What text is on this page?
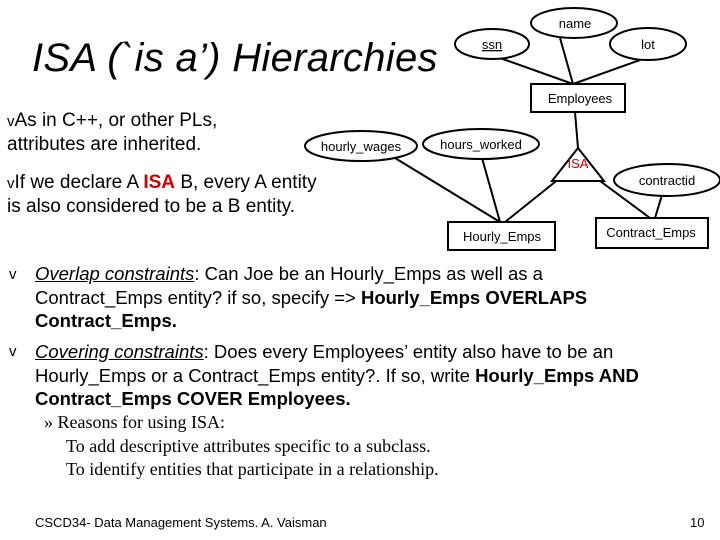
name
ssn	lot
Employees
hourly_wages	hours_worked
ISA
contractid
Hourly_Emps	Contract_Emps
ISA (`is a’) Hierarchies
vAs in C++, or other PLs,
attributes are inherited.
vIf we declare A ISA B, every A entity
is also considered to be a B entity.
v Overlap constraints: Can Joe be an Hourly_Emps as well as a
Contract_Emps entity? if so, specify => Hourly_Emps OVERLAPS
Contract_Emps.
v Covering constraints: Does every Employees’ entity also have to be an
Hourly_Emps or a Contract_Emps entity?. If so, write Hourly_Emps AND
Contract_Emps COVER Employees.
» Reasons for using ISA:
To add descriptive attributes specific to a subclass.
To identify entities that participate in a relationship.
CSCD34- Data Management Systems. A. Vaisman	10
